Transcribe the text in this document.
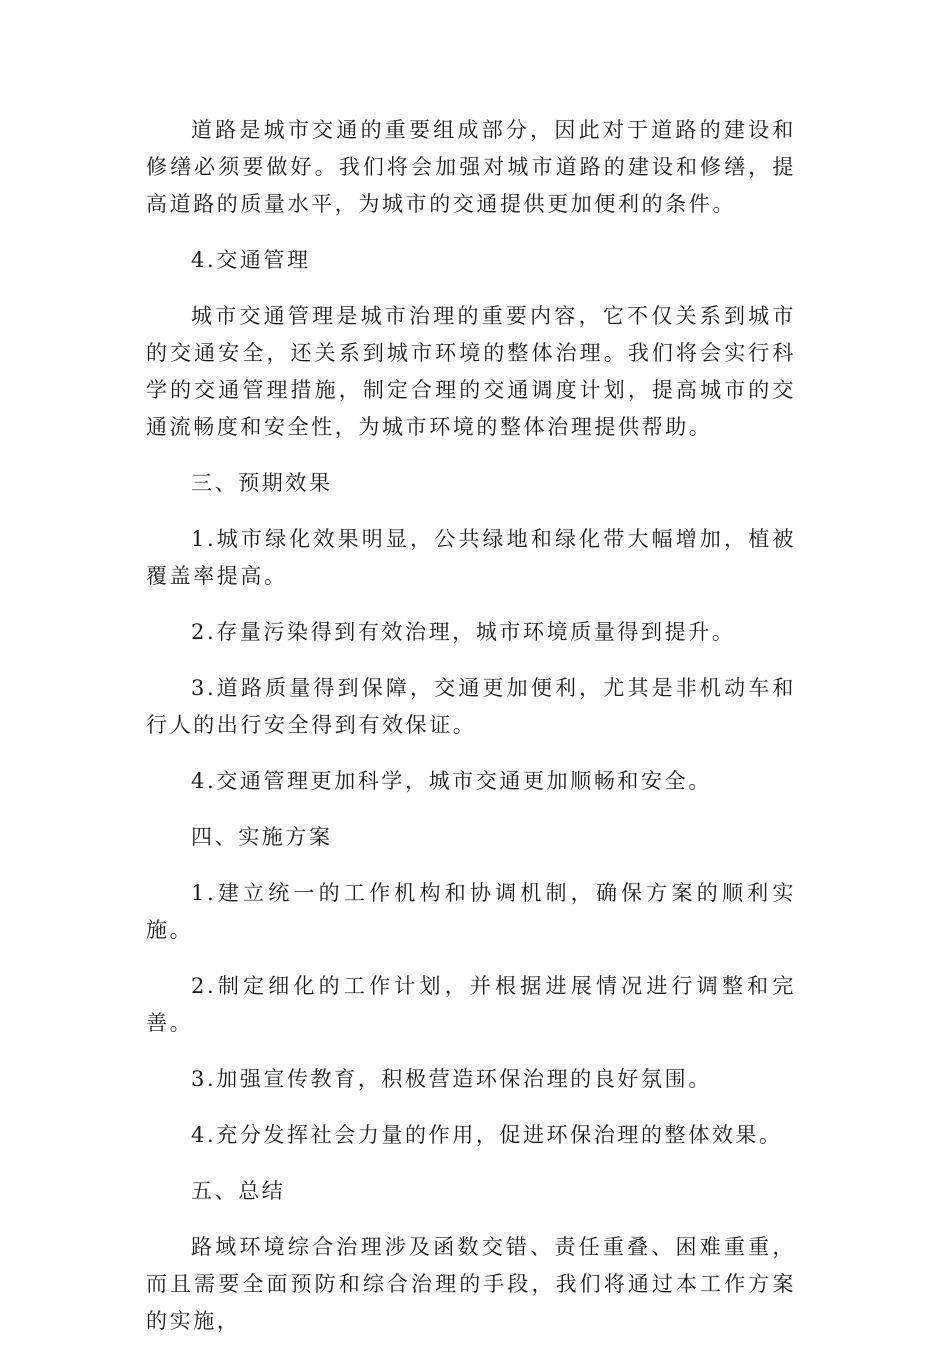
道路是城市交通的重要组成部分，因此对于道路的建设和修缮必须要做好。我们将会加强对城市道路的建设和修缮，提高道路的质量水平，为城市的交通提供更加便利的条件。

4.交通管理

城市交通管理是城市治理的重要内容，它不仅关系到城市的交通安全，还关系到城市环境的整体治理。我们将会实行科学的交通管理措施，制定合理的交通调度计划，提高城市的交通流畅度和安全性，为城市环境的整体治理提供帮助。

三、预期效果

1.城市绿化效果明显，公共绿地和绿化带大幅增加，植被覆盖率提高。

2.存量污染得到有效治理，城市环境质量得到提升。

3.道路质量得到保障，交通更加便利，尤其是非机动车和行人的出行安全得到有效保证。

4.交通管理更加科学，城市交通更加顺畅和安全。

四、实施方案

1.建立统一的工作机构和协调机制，确保方案的顺利实施。

2.制定细化的工作计划，并根据进展情况进行调整和完善。

3.加强宣传教育，积极营造环保治理的良好氛围。

4.充分发挥社会力量的作用，促进环保治理的整体效果。

五、总结

路域环境综合治理涉及函数交错、责任重叠、困难重重，而且需要全面预防和综合治理的手段，我们将通过本工作方案的实施，
